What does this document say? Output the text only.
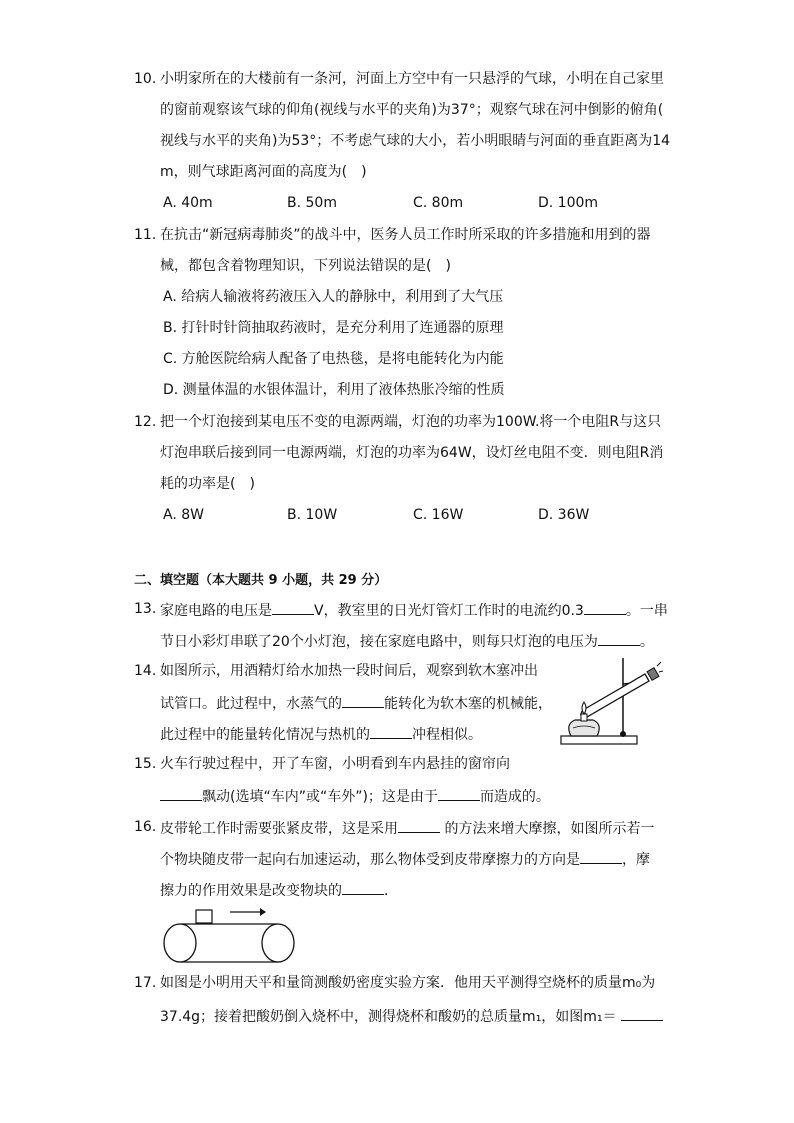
10. 小明家所在的大楼前有一条河，河面上方空中有一只悬浮的气球，小明在自己家里
的窗前观察该气球的仰角(视线与水平的夹角)为37°；观察气球在河中倒影的俯角(
视线与水平的夹角)为53°；不考虑气球的大小，若小明眼睛与河面的垂直距离为14
m，则气球距离河面的高度为(　)
A. 40m	B. 50m	C. 80m	D. 100m
11. 在抗击“新冠病毒肺炎”的战斗中，医务人员工作时所采取的许多措施和用到的器
械，都包含着物理知识，下列说法错误的是(　)
A. 给病人输液将药液压入人的静脉中，利用到了大气压
B. 打针时针筒抽取药液时，是充分利用了连通器的原理
C. 方舱医院给病人配备了电热毯，是将电能转化为内能
D. 测量体温的水银体温计，利用了液体热胀冷缩的性质
12. 把一个灯泡接到某电压不变的电源两端，灯泡的功率为100W.将一个电阻R与这只
灯泡串联后接到同一电源两端，灯泡的功率为64W，设灯丝电阻不变．则电阻R消
耗的功率是(　)
A. 8W	B. 10W	C. 16W	D. 36W
二、填空题（本大题共 9 小题，共 29 分）
13. 家庭电路的电压是	V，教室里的日光灯管灯工作时的电流约0.3	。一串
节日小彩灯串联了20个小灯泡，接在家庭电路中，则每只灯泡的电压为	。
14. 如图所示，用酒精灯给水加热一段时间后，观察到软木塞冲出
试管口。此过程中，水蒸气的	能转化为软木塞的机械能，
此过程中的能量转化情况与热机的	冲程相似。
15. 火车行驶过程中，开了车窗，小明看到车内悬挂的窗帘向
飘动(选填“车内”或“车外”)；这是由于	而造成的。
16. 皮带轮工作时需要张紧皮带，这是采用	的方法来增大摩擦，如图所示若一
个物块随皮带一起向右加速运动，那么物体受到皮带摩擦力的方向是	，摩
擦力的作用效果是改变物块的	．
17. 如图是小明用天平和量筒测酸奶密度实验方案．他用天平测得空烧杯的质量m₀为
37.4g；接着把酸奶倒入烧杯中，测得烧杯和酸奶的总质量m₁，如图m₁＝
